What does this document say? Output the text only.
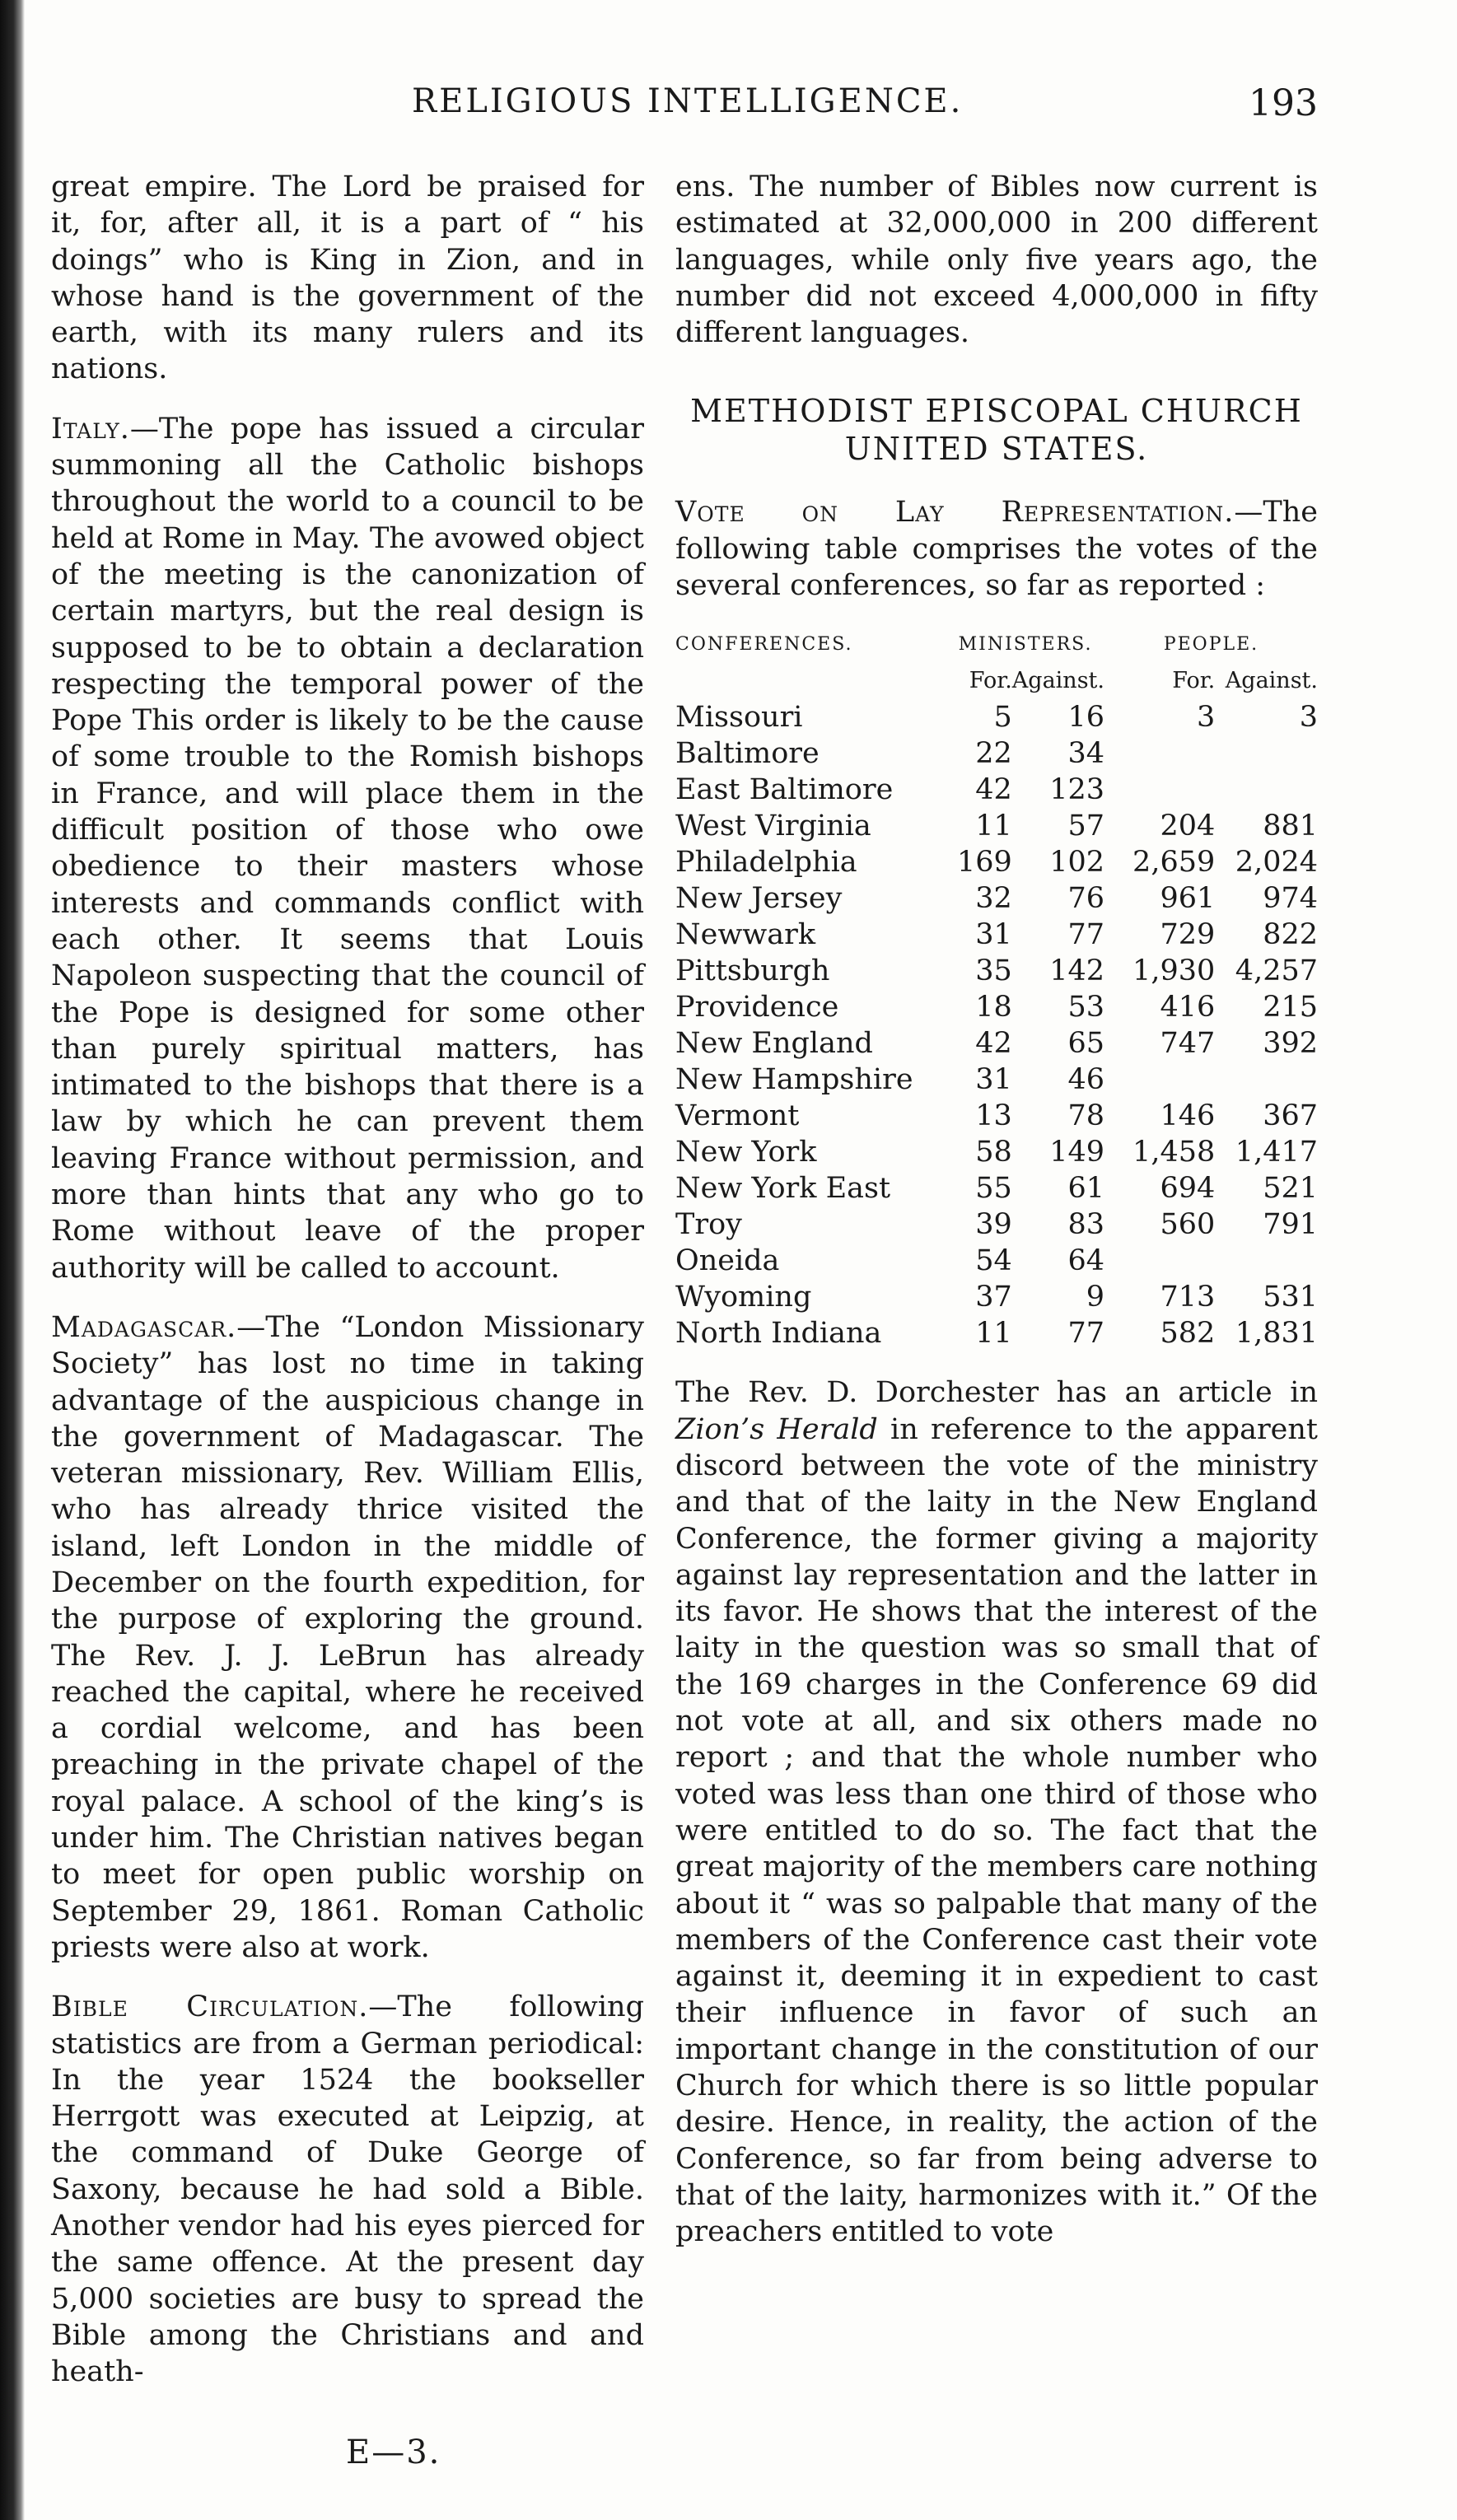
RELIGIOUS INTELLIGENCE.	193

great empire. The Lord be praised for it, for, after all, it is a part of “ his doings” who is King in Zion, and in whose hand is the government of the earth, with its many rulers and its nations.

Italy.—The pope has issued a circular summoning all the Catholic bishops throughout the world to a council to be held at Rome in May. The avowed object of the meeting is the canonization of certain martyrs, but the real design is supposed to be to obtain a declaration respecting the temporal power of the Pope This order is likely to be the cause of some trouble to the Romish bishops in France, and will place them in the difficult position of those who owe obedience to their masters whose interests and commands conflict with each other. It seems that Louis Napoleon suspecting that the council of the Pope is designed for some other than purely spiritual matters, has intimated to the bishops that there is a law by which he can prevent them leaving France without permission, and more than hints that any who go to Rome without leave of the proper authority will be called to account.

Madagascar.—The “London Missionary Society” has lost no time in taking advantage of the auspicious change in the government of Madagascar. The veteran missionary, Rev. William Ellis, who has already thrice visited the island, left London in the middle of December on the fourth expedition, for the purpose of exploring the ground. The Rev. J. J. LeBrun has already reached the capital, where he received a cordial welcome, and has been preaching in the private chapel of the royal palace. A school of the king’s is under him. The Christian natives began to meet for open public worship on September 29, 1861. Roman Catholic priests were also at work.

Bible Circulation.—The following statistics are from a German periodical: In the year 1524 the bookseller Herrgott was executed at Leipzig, at the command of Duke George of Saxony, because he had sold a Bible. Another vendor had his eyes pierced for the same offence. At the present day 5,000 societies are busy to spread the Bible among the Christians and and heath-

ens. The number of Bibles now current is estimated at 32,000,000 in 200 different languages, while only five years ago, the number did not exceed 4,000,000 in fifty different languages.

METHODIST EPISCOPAL CHURCH
UNITED STATES.

Vote on Lay Representation.—The following table comprises the votes of the several conferences, so far as reported :

CONFERENCES.	MINISTERS.		PEOPLE.	
	For.	Against.	For.	Against.
Missouri	5	16	3	3
Baltimore	22	34		
East Baltimore	42	123		
West Virginia	11	57	204	881
Philadelphia	169	102	2,659	2,024
New Jersey	32	76	961	974
Newwark	31	77	729	822
Pittsburgh	35	142	1,930	4,257
Providence	18	53	416	215
New England	42	65	747	392
New Hampshire	31	46		
Vermont	13	78	146	367
New York	58	149	1,458	1,417
New York East	55	61	694	521
Troy	39	83	560	791
Oneida	54	64		
Wyoming	37	9	713	531
North Indiana	11	77	582	1,831

The Rev. D. Dorchester has an article in Zion’s Herald in reference to the apparent discord between the vote of the ministry and that of the laity in the New England Conference, the former giving a majority against lay representation and the latter in its favor. He shows that the interest of the laity in the question was so small that of the 169 charges in the Conference 69 did not vote at all, and six others made no report ; and that the whole number who voted was less than one third of those who were entitled to do so. The fact that the great majority of the members care nothing about it “ was so palpable that many of the members of the Conference cast their vote against it, deeming it in expedient to cast their influence in favor of such an important change in the constitution of our Church for which there is so little popular desire. Hence, in reality, the action of the Conference, so far from being adverse to that of the laity, harmonizes with it.” Of the preachers entitled to vote

E—3.
